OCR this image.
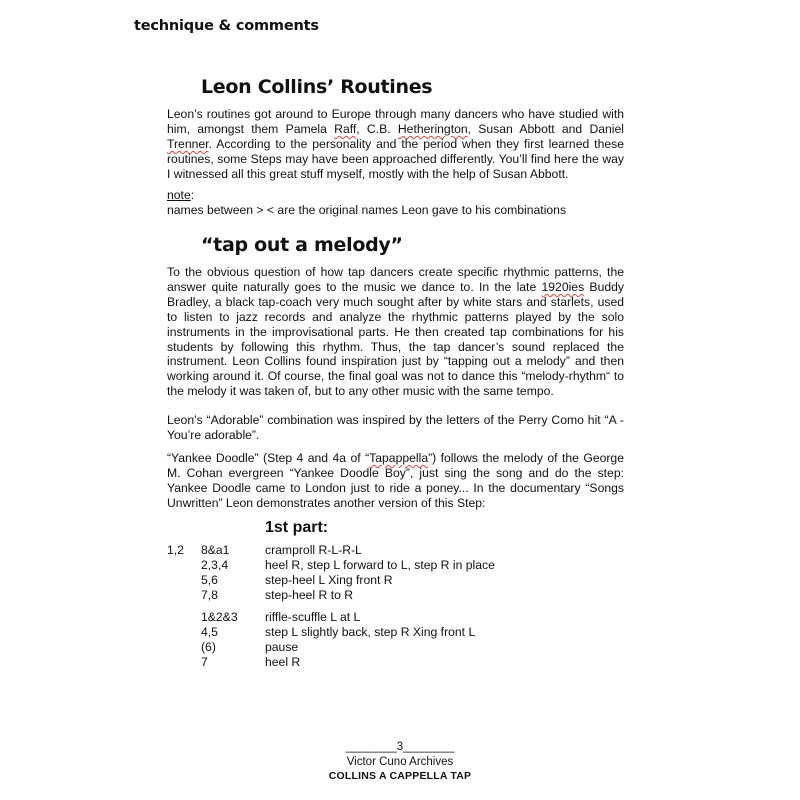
technique & comments
Leon Collins’ Routines

Leon’s routines got around to Europe through many dancers who have studied with him, amongst them Pamela Raff, C.B. Hetherington, Susan Abbott and Daniel Trenner. According to the personality and the period when they first learned these routines, some Steps may have been approached differently. You’ll find here the way I witnessed all this great stuff myself, mostly with the help of Susan Abbott.

note:
names between > < are the original names Leon gave to his combinations
“tap out a melody”

To the obvious question of how tap dancers create specific rhythmic patterns, the answer quite naturally goes to the music we dance to. In the late 1920ies Buddy Bradley, a black tap-coach very much sought after by white stars and starlets, used to listen to jazz records and analyze the rhythmic patterns played by the solo instruments in the improvisational parts. He then created tap combinations for his students by following this rhythm. Thus, the tap dancer’s sound replaced the instrument. Leon Collins found inspiration just by “tapping out a melody” and then working around it. Of course, the final goal was not to dance this “melody-rhythm“ to the melody it was taken of, but to any other music with the same tempo.

Leon’s “Adorable” combination was inspired by the letters of the Perry Como hit “A - You’re adorable”.

“Yankee Doodle” (Step 4 and 4a of “Tapappella”) follows the melody of the George M. Cohan evergreen “Yankee Doodle Boy”, just sing the song and do the step: Yankee Doodle came to London just to ride a poney... In the documentary “Songs Unwritten” Leon demonstrates another version of this Step:

1st part:
1,2 8&a1	cramproll R-L-R-L
2,3,4	heel R, step L forward to L, step R in place
5,6	step-heel L Xing front R
7,8	step-heel R to R
1&2&3 riffle-scuffle L at L
4,5	step L slightly back, step R Xing front L
(6)	pause
7	heel R
________3________
Victor Cuno Archives
COLLINS A CAPPELLA TAP
